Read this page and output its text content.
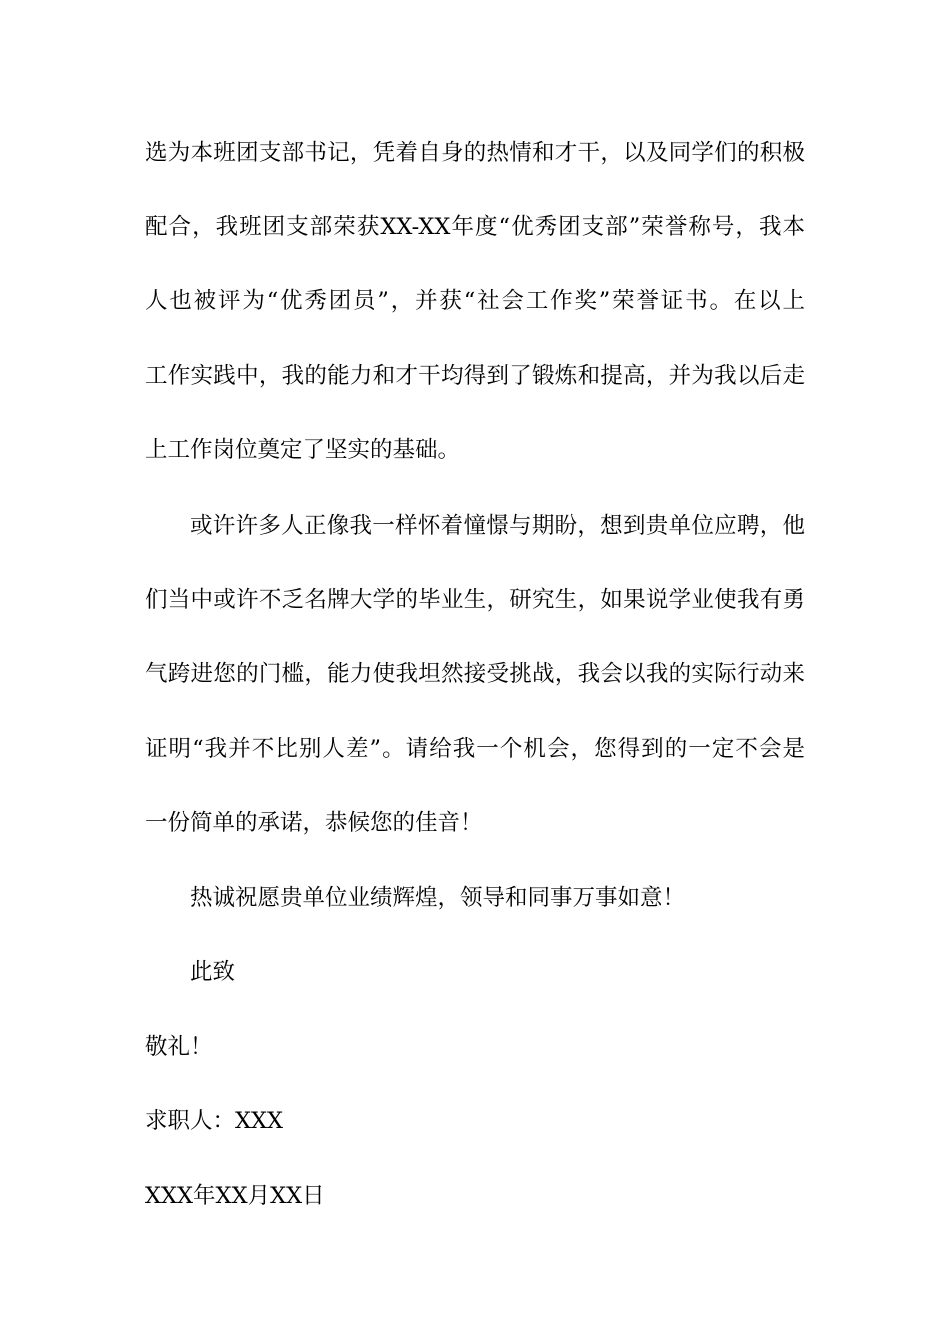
选为本班团支部书记，凭着自身的热情和才干，以及同学们的积极
配合，我班团支部荣获XX-XX年度“优秀团支部”荣誉称号，我本
人也被评为“优秀团员”，并获“社会工作奖”荣誉证书。在以上
工作实践中，我的能力和才干均得到了锻炼和提高，并为我以后走
上工作岗位奠定了坚实的基础。
或许许多人正像我一样怀着憧憬与期盼，想到贵单位应聘，他
们当中或许不乏名牌大学的毕业生，研究生，如果说学业使我有勇
气跨进您的门槛，能力使我坦然接受挑战，我会以我的实际行动来
证明“我并不比别人差”。请给我一个机会，您得到的一定不会是
一份简单的承诺，恭候您的佳音！
热诚祝愿贵单位业绩辉煌，领导和同事万事如意！
此致
敬礼！
求职人：XXX
XXX年XX月XX日
